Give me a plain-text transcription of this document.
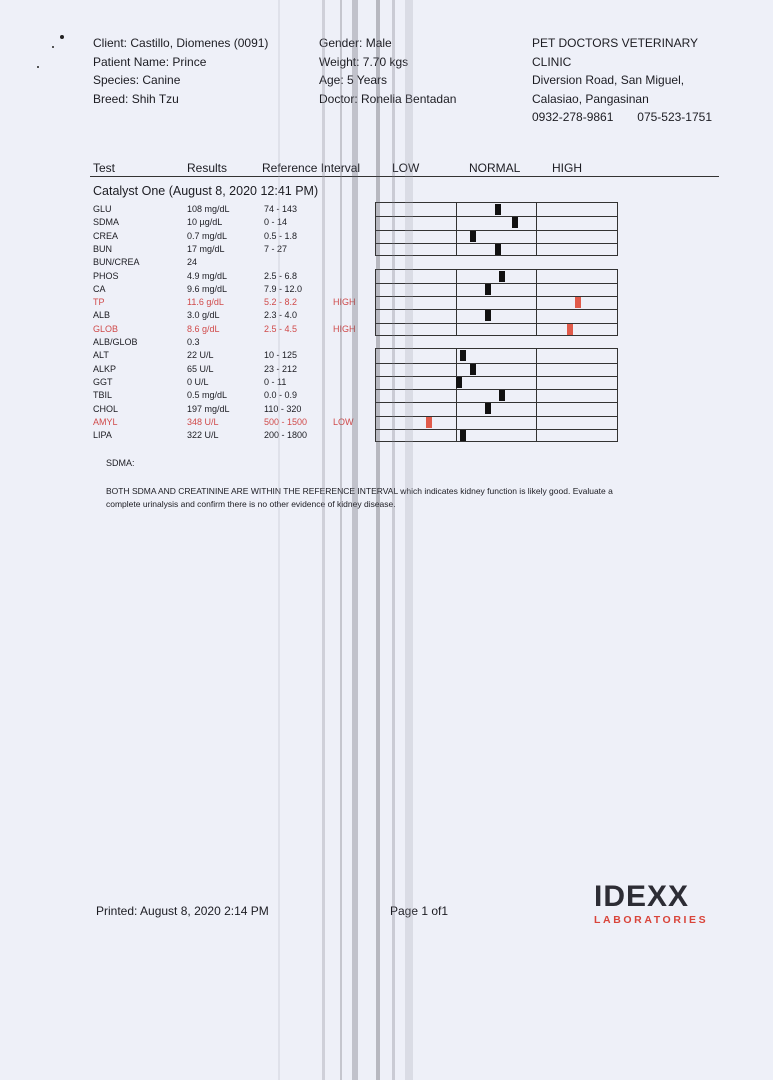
Client: Castillo, Diomenes (0091)
Patient Name: Prince
Species: Canine
Breed: Shih Tzu
Gender: Male
Weight: 7.70 kgs
Age: 5 Years
Doctor: Ronelia Bentadan
PET DOCTORS VETERINARY CLINIC
Diversion Road, San Miguel,
Calasiao, Pangasinan
0932-278-9861 075-523-1751
Test	Results	Reference Interval	LOW	NORMAL	HIGH
Catalyst One (August 8, 2020 12:41 PM)
GLU	108 mg/dL	74 - 143
SDMA	10 µg/dL	0 - 14
CREA	0.7 mg/dL	0.5 - 1.8
BUN	17 mg/dL	7 - 27
BUN/CREA	24
PHOS	4.9 mg/dL	2.5 - 6.8
CA	9.6 mg/dL	7.9 - 12.0
TP	11.6 g/dL	5.2 - 8.2	HIGH
ALB	3.0 g/dL	2.3 - 4.0
GLOB	8.6 g/dL	2.5 - 4.5	HIGH
ALB/GLOB	0.3
ALT	22 U/L	10 - 125
ALKP	65 U/L	23 - 212
GGT	0 U/L	0 - 11
TBIL	0.5 mg/dL	0.0 - 0.9
CHOL	197 mg/dL	110 - 320
AMYL	348 U/L	500 - 1500	LOW
LIPA	322 U/L	200 - 1800
SDMA:
BOTH SDMA AND CREATININE ARE WITHIN THE REFERENCE INTERVAL which indicates kidney function is likely good. Evaluate a complete urinalysis and confirm there is no other evidence of kidney disease.
Printed: August 8, 2020 2:14 PM	Page 1 of1	IDEXX
LABORATORIES
